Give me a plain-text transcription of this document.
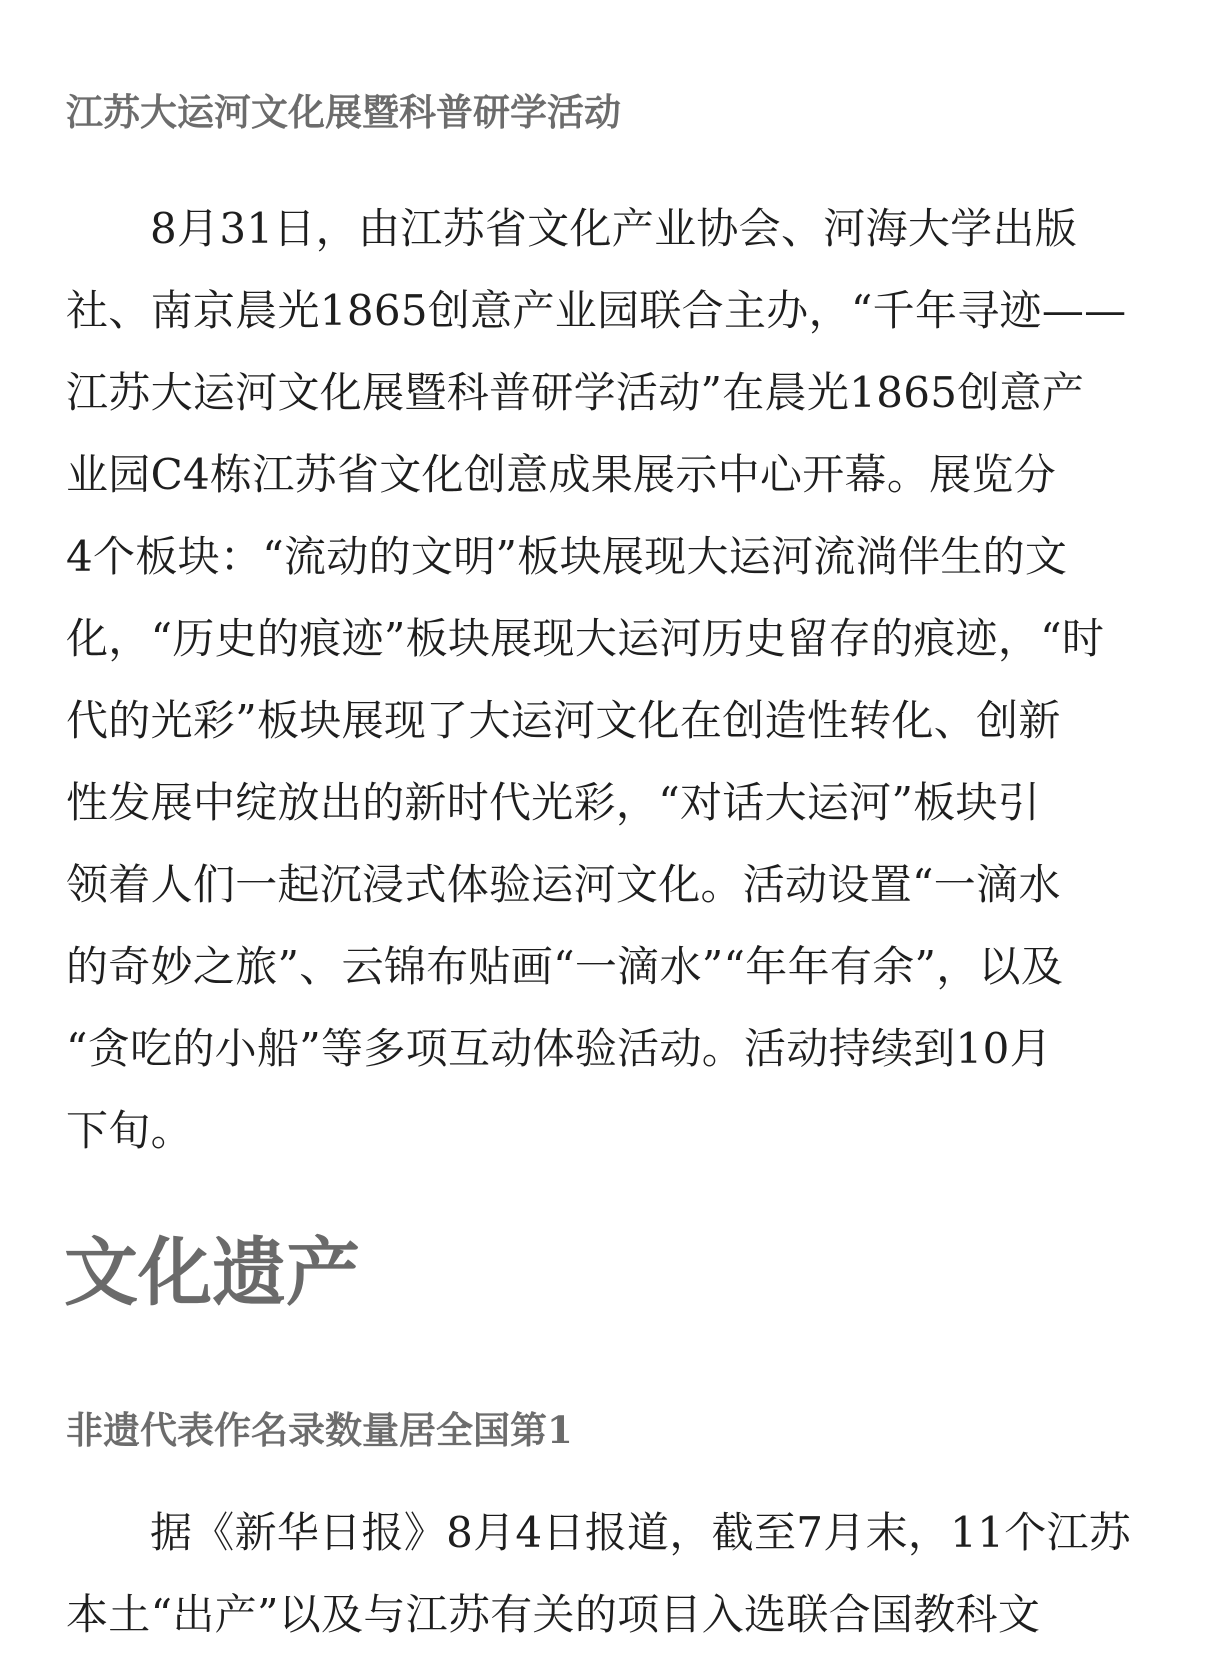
江苏大运河文化展暨科普研学活动
8月31日，由江苏省文化产业协会、河海大学出版
社、南京晨光1865创意产业园联合主办，“千年寻迹——
江苏大运河文化展暨科普研学活动”在晨光1865创意产
业园C4栋江苏省文化创意成果展示中心开幕。展览分
4个板块：“流动的文明”板块展现大运河流淌伴生的文
化，“历史的痕迹”板块展现大运河历史留存的痕迹，“时
代的光彩”板块展现了大运河文化在创造性转化、创新
性发展中绽放出的新时代光彩，“对话大运河”板块引
领着人们一起沉浸式体验运河文化。活动设置“一滴水
的奇妙之旅”、云锦布贴画“一滴水”“年年有余”，以及
“贪吃的小船”等多项互动体验活动。活动持续到10月
下旬。
文化遗产
非遗代表作名录数量居全国第1
据《新华日报》8月4日报道，截至7月末，11个江苏
本土“出产”以及与江苏有关的项目入选联合国教科文
